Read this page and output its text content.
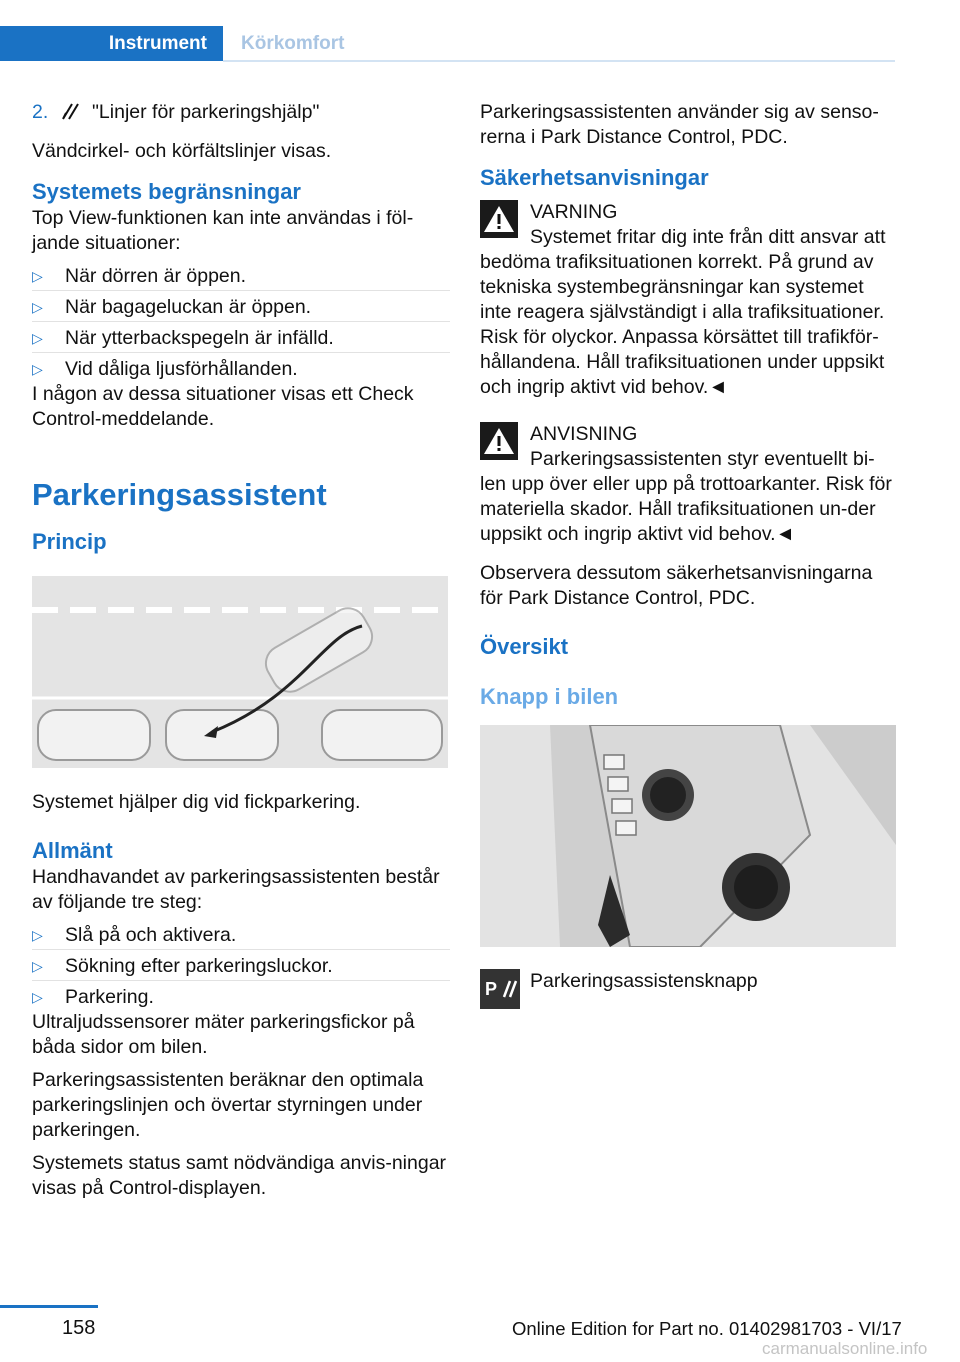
Instrument	Körkomfort
2.	"Linjer för parkeringshjälp"

Vändcirkel- och körfältslinjer visas.

Systemets begränsningar

Top View-funktionen kan inte användas i föl-jande situationer:

▷ När dörren är öppen.
▷ När bagageluckan är öppen.
▷ När ytterbackspegeln är infälld.
▷ Vid dåliga ljusförhållanden.

I någon av dessa situationer visas ett Check Control-meddelande.

Parkeringsassistent
Princip

Systemet hjälper dig vid fickparkering.

Allmänt

Handhavandet av parkeringsassistenten består av följande tre steg:

▷ Slå på och aktivera.
▷ Sökning efter parkeringsluckor.
▷ Parkering.

Ultraljudssensorer mäter parkeringsfickor på båda sidor om bilen.

Parkeringsassistenten beräknar den optimala parkeringslinjen och övertar styrningen under parkeringen.

Systemets status samt nödvändiga anvis-ningar visas på Control-displayen.

Parkeringsassistenten använder sig av senso-rerna i Park Distance Control, PDC.

Säkerhetsanvisningar
VARNING
Systemet fritar dig inte från ditt ansvar att bedöma trafiksituationen korrekt. På grund av tekniska systembegränsningar kan systemet inte reagera självständigt i alla trafiksituationer. Risk för olyckor. Anpassa körsättet till trafikför-hållandena. Håll trafiksituationen under uppsikt och ingrip aktivt vid behov.◄
ANVISNING
Parkeringsassistenten styr eventuellt bi-len upp över eller upp på trottoarkanter. Risk för materiella skador. Håll trafiksituationen un-der uppsikt och ingrip aktivt vid behov.◄

Observera dessutom säkerhetsanvisningarna för Park Distance Control, PDC.

Översikt
Knapp i bilen
P	Parkeringsassistensknapp
158	Online Edition for Part no. 01402981703 - VI/17
carmanualsonline.info
